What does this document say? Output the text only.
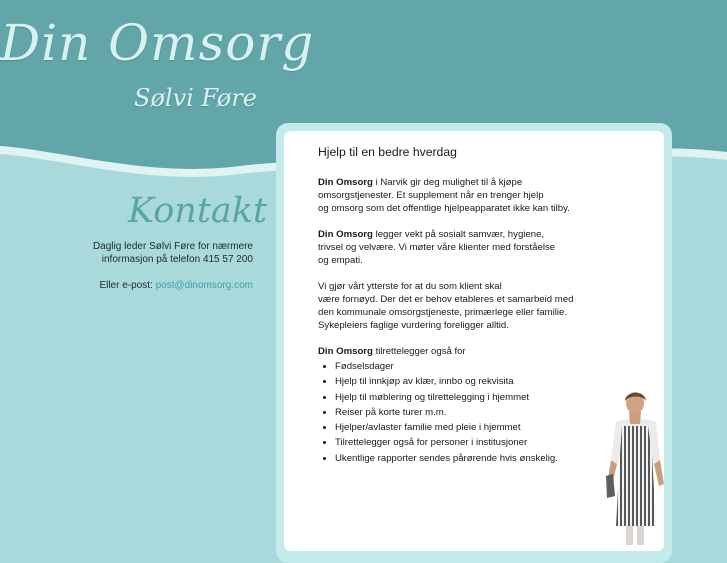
Din Omsorg
Sølvi Føre
Kontakt

Daglig leder Sølvi Føre for nærmere

informasjon på telefon 415 57 200

Eller e-post: post@dinomsorg.com

Hjelp til en bedre hverdag

Din Omsorg i Narvik gir deg mulighet til å kjøpe
omsorgstjenester. Et supplement når en trenger hjelp
og omsorg som det offentlige hjelpeapparatet ikke kan tilby.

Din Omsorg legger vekt på sosialt samvær, hygiene,
trivsel og velvære. Vi møter våre klienter med forståelse
og empati.

Vi gjør vårt ytterste for at du som klient skal
være fornøyd. Der det er behov etableres et samarbeid med
den kommunale omsorgstjeneste, primærlege eller familie.
Sykepleiers faglige vurdering foreligger alltid.

Din Omsorg tilrettelegger også for

• Fødselsdager
• Hjelp til innkjøp av klær, innbo og rekvisita
• Hjelp til møblering og tilrettelegging i hjemmet
• Reiser på korte turer m.m.
• Hjelper/avlaster familie med pleie i hjemmet
• Tilrettelegger også for personer i institusjoner
• Ukentlige rapporter sendes pårørende hvis ønskelig.
